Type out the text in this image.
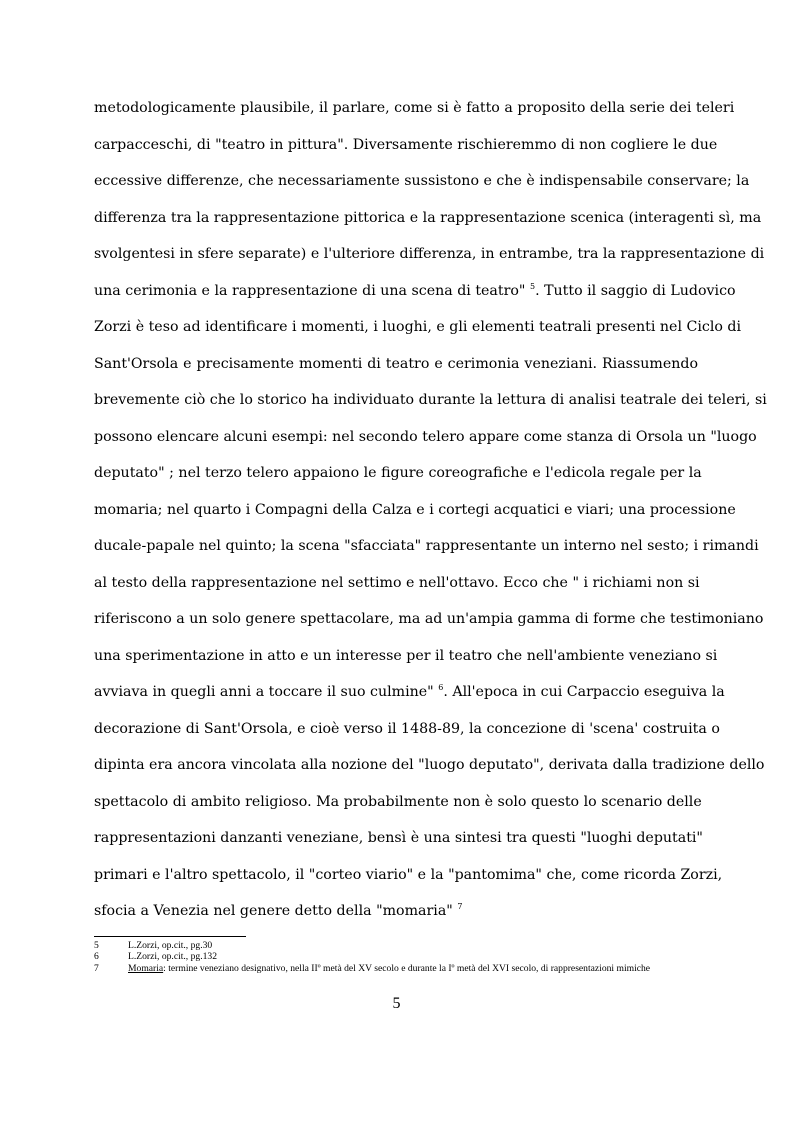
metodologicamente plausibile, il parlare, come si è fatto a proposito della serie dei teleri
carpacceschi, di "teatro in pittura". Diversamente rischieremmo di non cogliere le due
eccessive differenze, che necessariamente sussistono e che è indispensabile conservare; la
differenza tra la rappresentazione pittorica e la rappresentazione scenica (interagenti sì, ma
svolgentesi in sfere separate) e l'ulteriore differenza, in entrambe, tra la rappresentazione di
una cerimonia e la rappresentazione di una scena di teatro" $^5$. Tutto il saggio di Ludovico
Zorzi è teso ad identificare i momenti, i luoghi, e gli elementi teatrali presenti nel Ciclo di
Sant'Orsola e precisamente momenti di teatro e cerimonia veneziani. Riassumendo
brevemente ciò che lo storico ha individuato durante la lettura di analisi teatrale dei teleri, si
possono elencare alcuni esempi: nel secondo telero appare come stanza di Orsola un "luogo
deputato" ; nel terzo telero appaiono le figure coreografiche e l'edicola regale per la
momaria; nel quarto i Compagni della Calza e i cortegi acquatici e viari; una processione
ducale-papale nel quinto; la scena "sfacciata" rappresentante un interno nel sesto; i rimandi
al testo della rappresentazione nel settimo e nell'ottavo. Ecco che " i richiami non si
riferiscono a un solo genere spettacolare, ma ad un'ampia gamma di forme che testimoniano
una sperimentazione in atto e un interesse per il teatro che nell'ambiente veneziano si
avviava in quegli anni a toccare il suo culmine" $^6$. All'epoca in cui Carpaccio eseguiva la
decorazione di Sant'Orsola, e cioè verso il 1488-89, la concezione di 'scena' costruita o
dipinta era ancora vincolata alla nozione del "luogo deputato", derivata dalla tradizione dello
spettacolo di ambito religioso. Ma probabilmente non è solo questo lo scenario delle
rappresentazioni danzanti veneziane, bensì è una sintesi tra questi "luoghi deputati"
primari e l'altro spettacolo, il "corteo viario" e la "pantomima" che, come ricorda Zorzi,
sfocia a Venezia nel genere detto della "momaria" $^7$
5	L.Zorzi, op.cit., pg.30
6	L.Zorzi, op.cit., pg.132
7	Momaria: termine veneziano designativo, nella IIº metà del XV secolo e durante la Iº metà del XVI secolo, di rappresentazioni mimiche
5
